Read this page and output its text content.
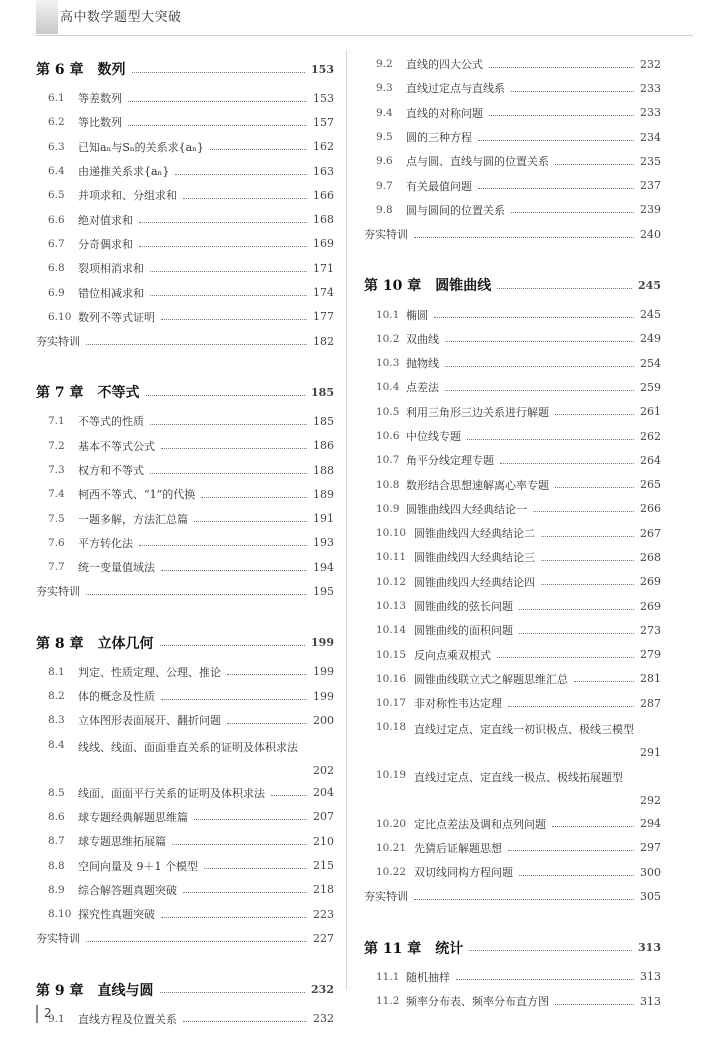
高中数学题型大突破
第 6 章 数列	153
6.1	等差数列	153
6.2	等比数列	157
6.3	已知aₙ与Sₙ的关系求{aₙ}	162
6.4	由递推关系求{aₙ}	163
6.5	并项求和、分组求和	166
6.6	绝对值求和	168
6.7	分奇偶求和	169
6.8	裂项相消求和	171
6.9	错位相减求和	174
6.10 数列不等式证明	177
夯实特训	182
第 7 章 不等式	185
7.1	不等式的性质	185
7.2	基本不等式公式	186
7.3	权方和不等式	188
7.4	柯西不等式、“1”的代换	189
7.5	一题多解，方法汇总篇	191
7.6	平方转化法	193
7.7	统一变量值域法	194
夯实特训	195
第 8 章 立体几何	199
8.1	判定、性质定理、公理、推论	199
8.2	体的概念及性质	199
8.3	立体图形表面展开、翻折问题	200
8.4	线线、线面、面面垂直关系的证明及体积求法
202
8.5	线面、面面平行关系的证明及体积求法	204
8.6	球专题经典解题思维篇	207
8.7	球专题思维拓展篇	210
8.8	空间向量及 9＋1 个模型	215
8.9	综合解答题真题突破	218
8.10 探究性真题突破	223
夯实特训	227
第 9 章 直线与圆	232
9.1	直线方程及位置关系	232
9.2	直线的四大公式	232
9.3	直线过定点与直线系	233
9.4	直线的对称问题	233
9.5	圆的三种方程	234
9.6	点与圆、直线与圆的位置关系	235
9.7	有关最值问题	237
9.8	圆与圆间的位置关系	239
夯实特训	240
第 10 章 圆锥曲线	245
10.1 椭圆	245
10.2 双曲线	249
10.3 抛物线	254
10.4 点差法	259
10.5 利用三角形三边关系进行解题	261
10.6 中位线专题	262
10.7 角平分线定理专题	264
10.8 数形结合思想速解离心率专题	265
10.9 圆锥曲线四大经典结论一	266
10.10 圆锥曲线四大经典结论二	267
10.11 圆锥曲线四大经典结论三	268
10.12 圆锥曲线四大经典结论四	269
10.13 圆锥曲线的弦长问题	269
10.14 圆锥曲线的面积问题	273
10.15 反向点乘双根式	279
10.16 圆锥曲线联立式之解题思维汇总	281
10.17 非对称性韦达定理	287
10.18 直线过定点、定直线一初识极点、极线三模型
291
10.19 直线过定点、定直线一极点、极线拓展题型
292
10.20 定比点差法及调和点列问题	294
10.21 先猜后证解题思想	297
10.22 双切线同构方程问题	300
夯实特训	305
第 11 章 统计	313
11.1 随机抽样	313
11.2 频率分布表、频率分布直方图	313
2
